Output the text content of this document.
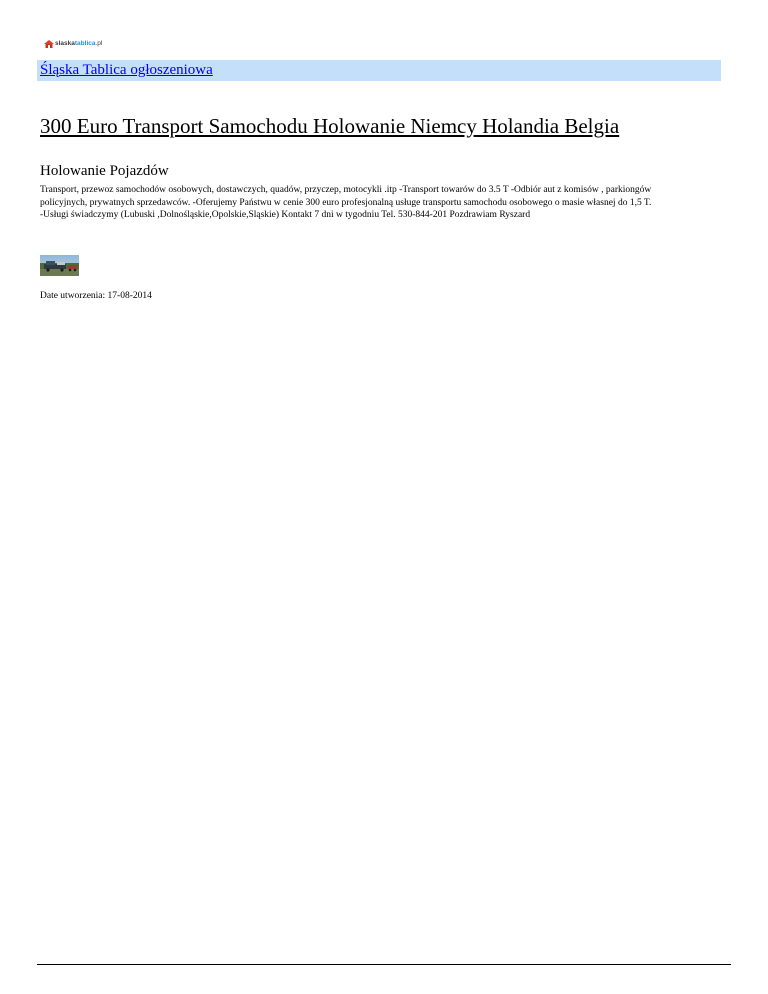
slaskatablica.pl
Śląska Tablica ogłoszeniowa
300 Euro Transport Samochodu Holowanie Niemcy Holandia Belgia
Holowanie Pojazdów

Transport, przewoz samochodów osobowych, dostawczych, quadów, przyczep, motocykli .itp -Transport towarów do 3.5 T -Odbiór aut z komisów , parkiongów
policyjnych, prywatnych sprzedawców. -Oferujemy Państwu w cenie 300 euro profesjonalną usługe transportu samochodu osobowego o masie własnej do 1,5 T.
-Usługi świadczymy (Lubuski ,Dolnośląskie,Opolskie,Sląskie) Kontakt 7 dni w tygodniu Tel. 530-844-201 Pozdrawiam Ryszard

Date utworzenia: 17-08-2014
